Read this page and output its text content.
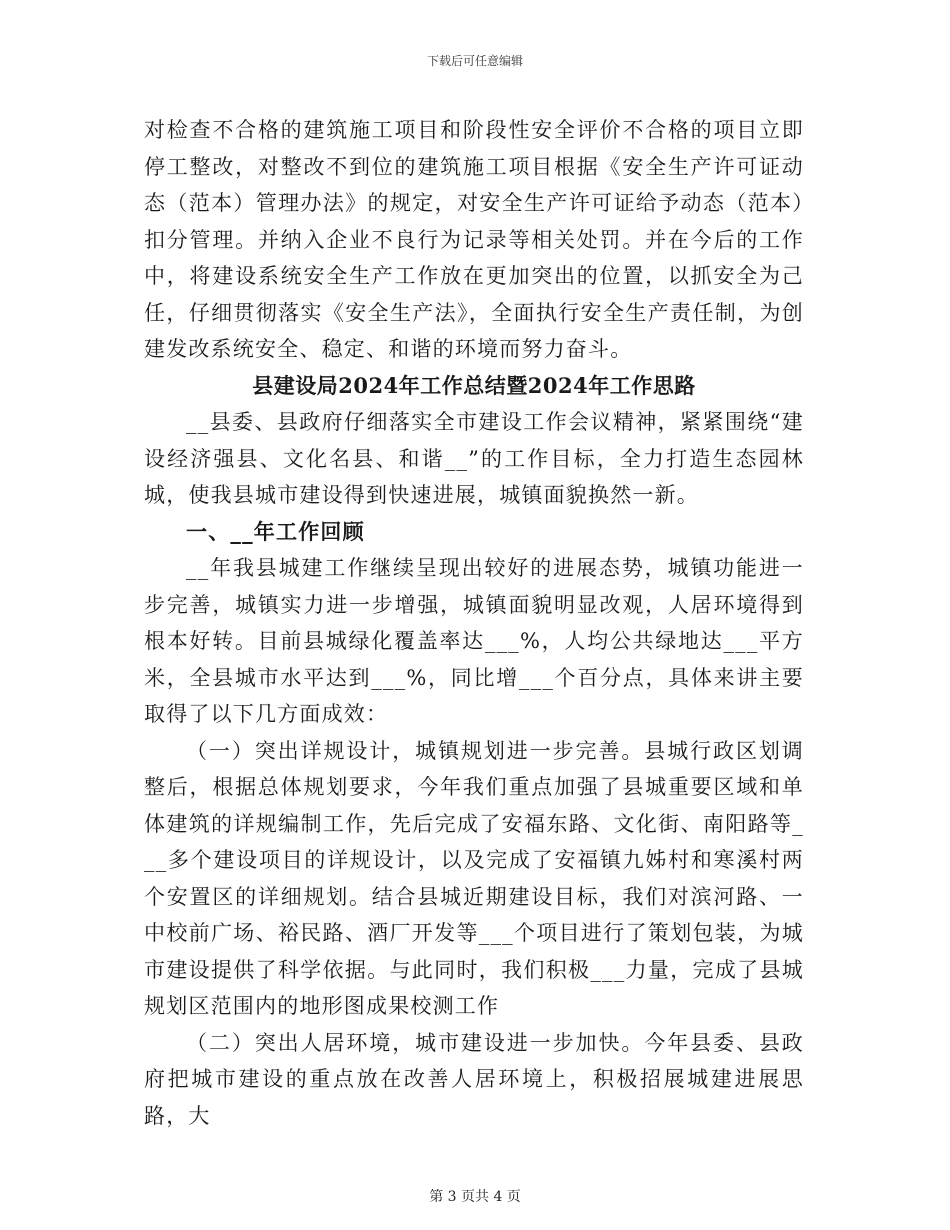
下载后可任意编辑

对检查不合格的建筑施工项目和阶段性安全评价不合格的项目立即停工整改，对整改不到位的建筑施工项目根据《安全生产许可证动态（范本）管理办法》的规定，对安全生产许可证给予动态（范本）扣分管理。并纳入企业不良行为记录等相关处罚。并在今后的工作中，将建设系统安全生产工作放在更加突出的位置，以抓安全为己任，仔细贯彻落实《安全生产法》，全面执行安全生产责任制，为创建发改系统安全、稳定、和谐的环境而努力奋斗。

县建设局2024年工作总结暨2024年工作思路

__县委、县政府仔细落实全市建设工作会议精神，紧紧围绕“建设经济强县、文化名县、和谐__”的工作目标，全力打造生态园林城，使我县城市建设得到快速进展，城镇面貌换然一新。

一、__年工作回顾

__年我县城建工作继续呈现出较好的进展态势，城镇功能进一步完善，城镇实力进一步增强，城镇面貌明显改观，人居环境得到根本好转。目前县城绿化覆盖率达___%，人均公共绿地达___平方米，全县城市水平达到___%，同比增___个百分点，具体来讲主要取得了以下几方面成效：

（一）突出详规设计，城镇规划进一步完善。县城行政区划调整后，根据总体规划要求，今年我们重点加强了县城重要区域和单体建筑的详规编制工作，先后完成了安福东路、文化街、南阳路等___多个建设项目的详规设计，以及完成了安福镇九姊村和寒溪村两个安置区的详细规划。结合县城近期建设目标，我们对滨河路、一中校前广场、裕民路、酒厂开发等___个项目进行了策划包装，为城市建设提供了科学依据。与此同时，我们积极___力量，完成了县城规划区范围内的地形图成果校测工作

（二）突出人居环境，城市建设进一步加快。今年县委、县政府把城市建设的重点放在改善人居环境上，积极招展城建进展思路，大

第 3 页共 4 页
